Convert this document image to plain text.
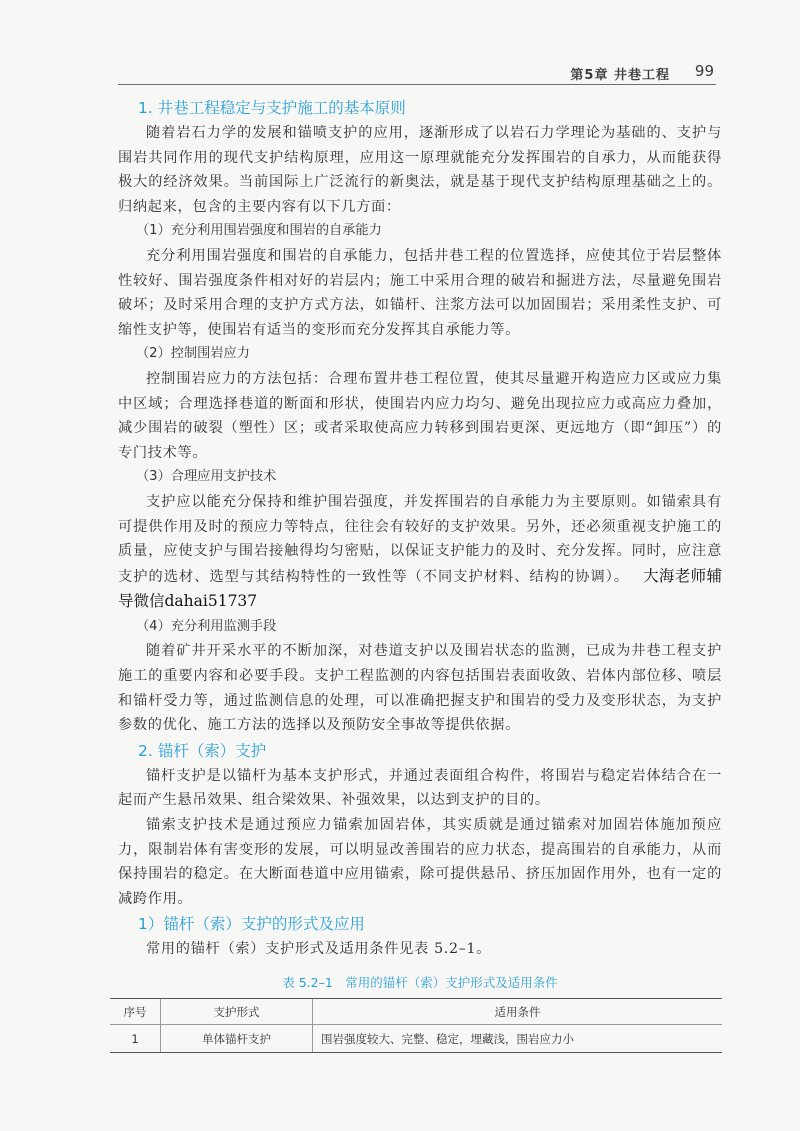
第5章 井巷工程 99
1. 井巷工程稳定与支护施工的基本原则

随着岩石力学的发展和锚喷支护的应用，逐渐形成了以岩石力学理论为基础的、支护与围岩共同作用的现代支护结构原理，应用这一原理就能充分发挥围岩的自承力，从而能获得极大的经济效果。当前国际上广泛流行的新奥法，就是基于现代支护结构原理基础之上的。归纳起来，包含的主要内容有以下几方面：

（1）充分利用围岩强度和围岩的自承能力

充分利用围岩强度和围岩的自承能力，包括井巷工程的位置选择，应使其位于岩层整体性较好、围岩强度条件相对好的岩层内；施工中采用合理的破岩和掘进方法，尽量避免围岩破坏；及时采用合理的支护方式方法，如锚杆、注浆方法可以加固围岩；采用柔性支护、可缩性支护等，使围岩有适当的变形而充分发挥其自承能力等。

（2）控制围岩应力

控制围岩应力的方法包括：合理布置井巷工程位置，使其尽量避开构造应力区或应力集中区域；合理选择巷道的断面和形状，使围岩内应力均匀、避免出现拉应力或高应力叠加，减少围岩的破裂（塑性）区；或者采取使高应力转移到围岩更深、更远地方（即“卸压”）的专门技术等。

（3）合理应用支护技术

支护应以能充分保持和维护围岩强度，并发挥围岩的自承能力为主要原则。如锚索具有可提供作用及时的预应力等特点，往往会有较好的支护效果。另外，还必须重视支护施工的质量，应使支护与围岩接触得均匀密贴，以保证支护能力的及时、充分发挥。同时，应注意支护的选材、选型与其结构特性的一致性等（不同支护材料、结构的协调）。 大海老师辅导微信dahai51737

（4）充分利用监测手段

随着矿井开采水平的不断加深，对巷道支护以及围岩状态的监测，已成为井巷工程支护施工的重要内容和必要手段。支护工程监测的内容包括围岩表面收敛、岩体内部位移、喷层和锚杆受力等，通过监测信息的处理，可以准确把握支护和围岩的受力及变形状态，为支护参数的优化、施工方法的选择以及预防安全事故等提供依据。

2. 锚杆（索）支护

锚杆支护是以锚杆为基本支护形式，并通过表面组合构件，将围岩与稳定岩体结合在一起而产生悬吊效果、组合梁效果、补强效果，以达到支护的目的。

锚索支护技术是通过预应力锚索加固岩体，其实质就是通过锚索对加固岩体施加预应力，限制岩体有害变形的发展，可以明显改善围岩的应力状态，提高围岩的自承能力，从而保持围岩的稳定。在大断面巷道中应用锚索，除可提供悬吊、挤压加固作用外，也有一定的减跨作用。

1）锚杆（索）支护的形式及应用

常用的锚杆（索）支护形式及适用条件见表 5.2–1。

表 5.2–1　常用的锚杆（索）支护形式及适用条件
序号	支护形式	适用条件
1	单体锚杆支护	围岩强度较大、完整、稳定，埋藏浅，围岩应力小
